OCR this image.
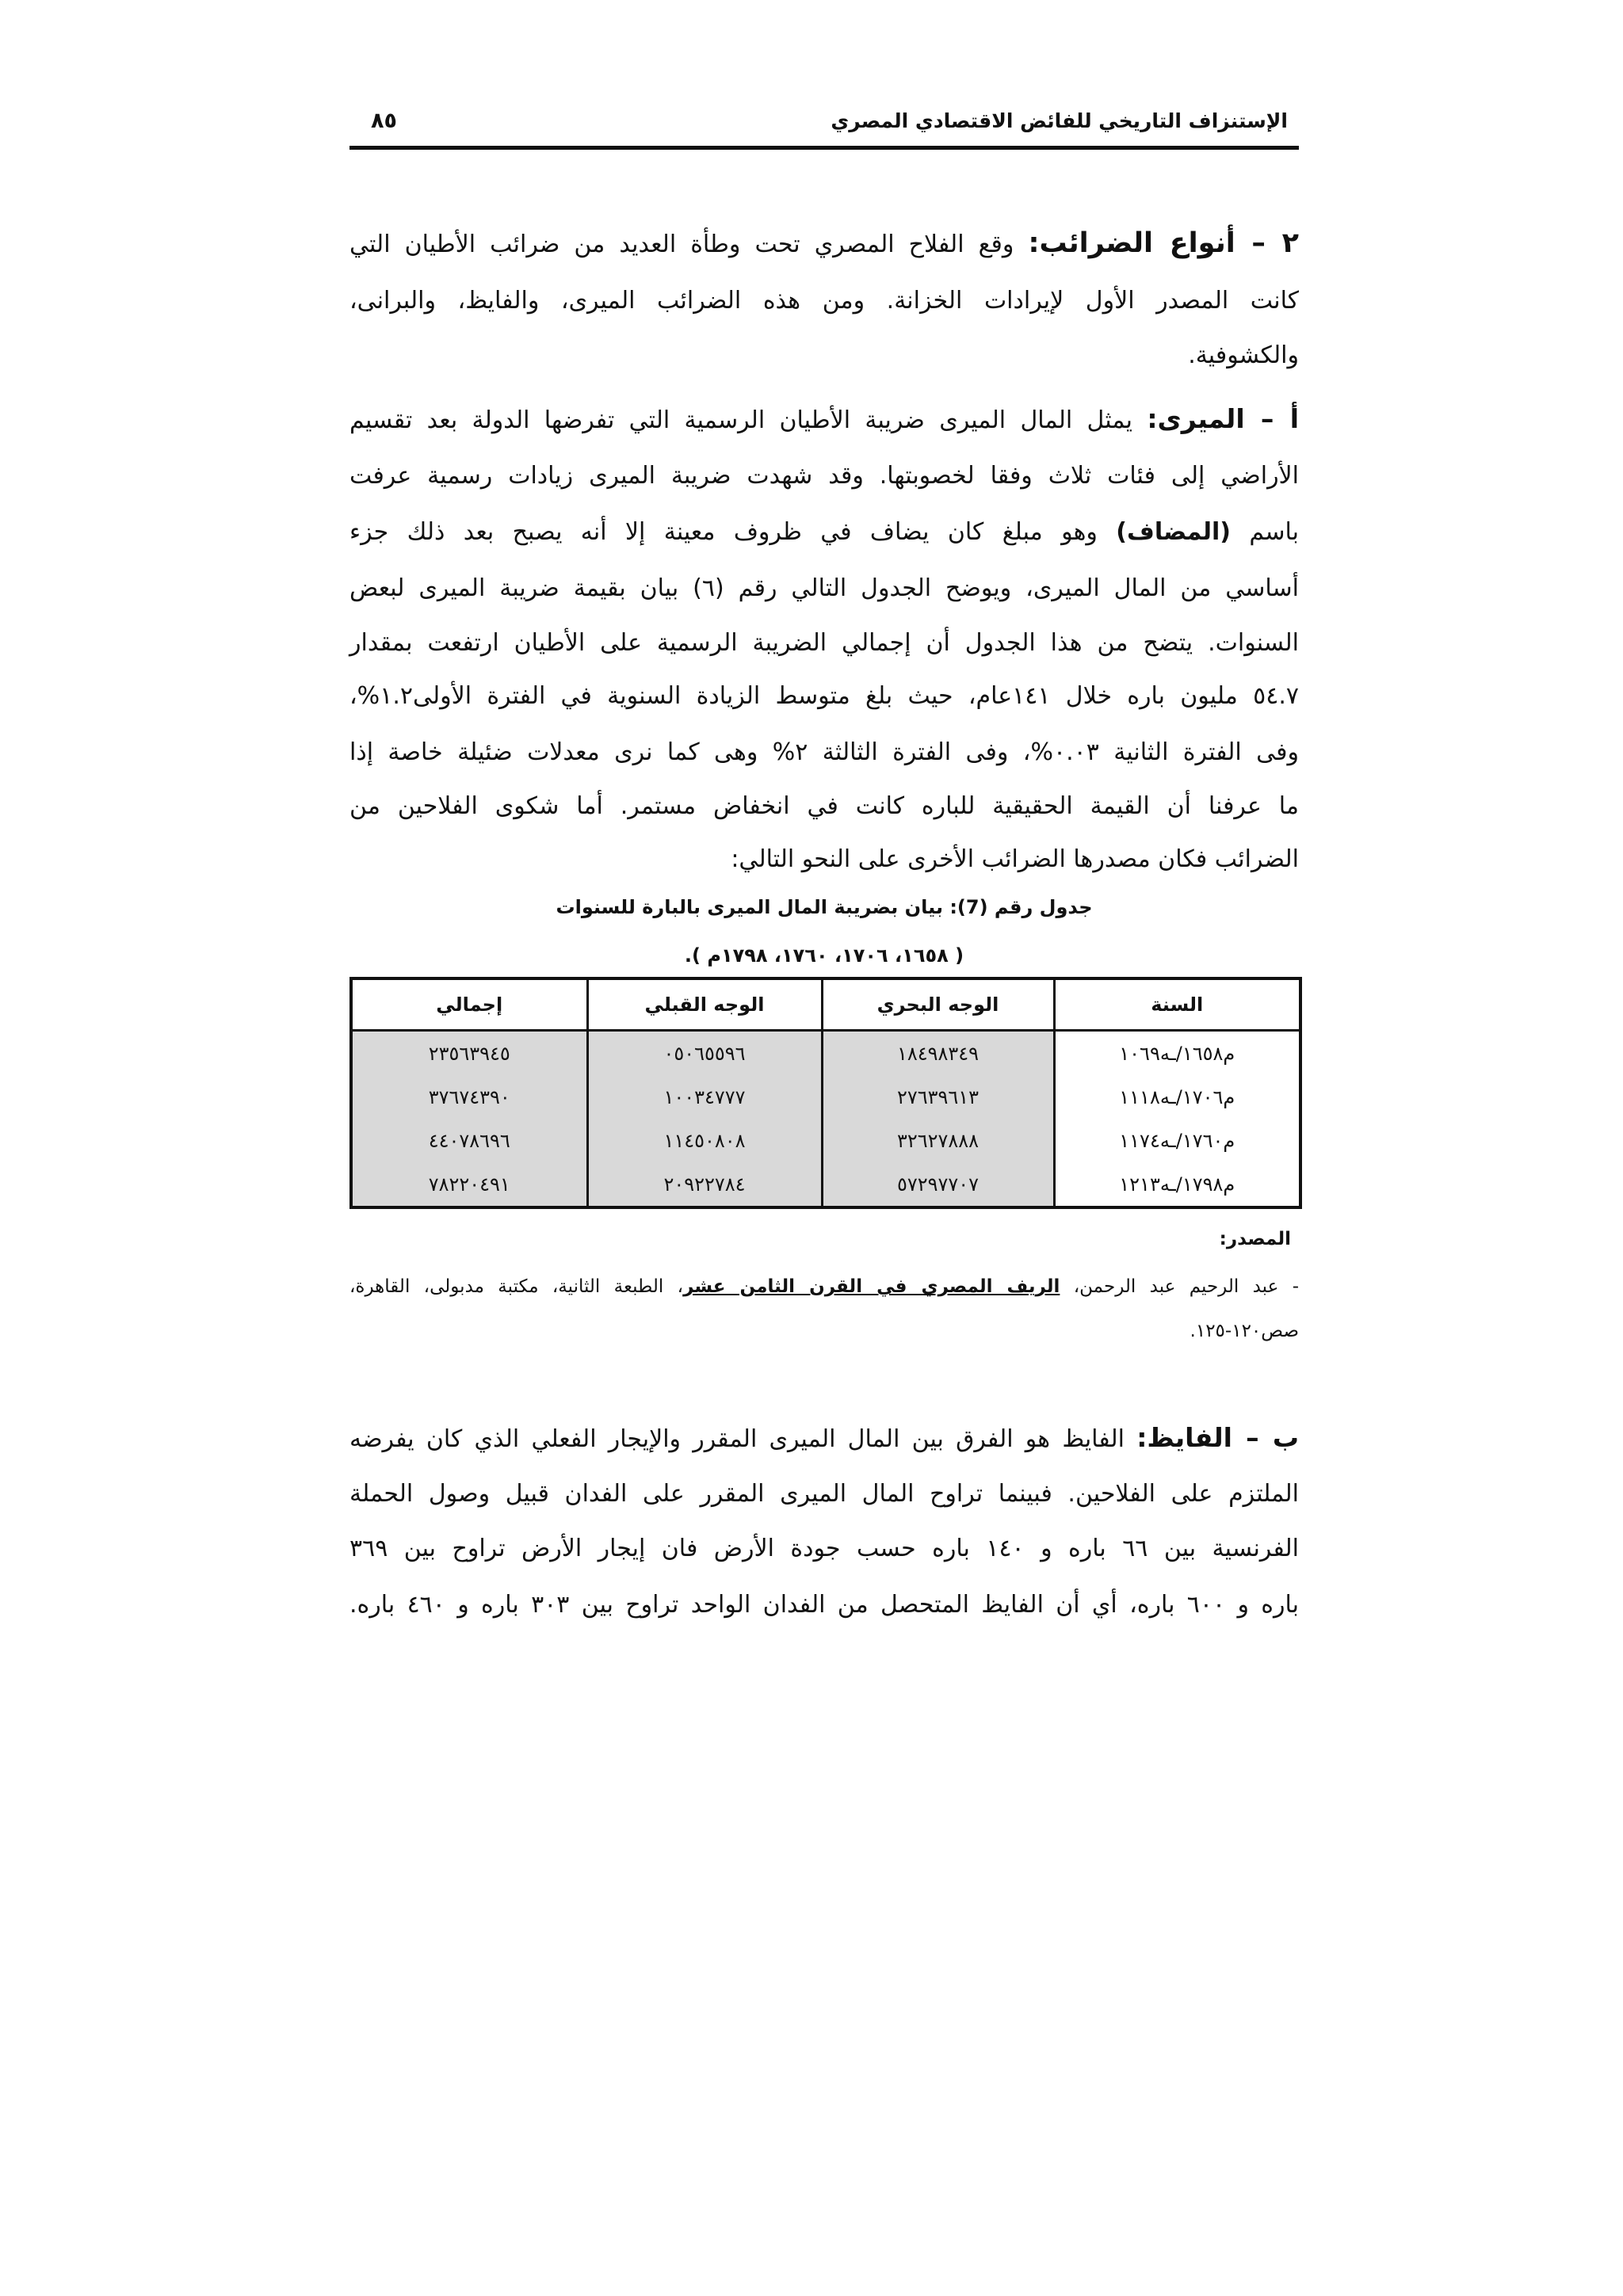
الإستنزاف التاريخي للفائض الاقتصادي المصري
٨٥
٢ – أنواع الضرائب: وقع الفلاح المصري تحت وطأة العديد من ضرائب الأطيان التي
كانت المصدر الأول لإيرادات الخزانة. ومن هذه الضرائب الميرى، والفايظ، والبرانى،
والكشوفية.
أ – الميرى: يمثل المال الميرى ضريبة الأطيان الرسمية التي تفرضها الدولة بعد تقسيم
الأراضي إلى فئات ثلاث وفقا لخصوبتها. وقد شهدت ضريبة الميرى زيادات رسمية عرفت
باسم (المضاف) وهو مبلغ كان يضاف في ظروف معينة إلا أنه يصبح بعد ذلك جزء
أساسي من المال الميرى، ويوضح الجدول التالي رقم (٦) بيان بقيمة ضريبة الميرى لبعض
السنوات. يتضح من هذا الجدول أن إجمالي الضريبة الرسمية على الأطيان ارتفعت بمقدار
٥٤.٧ مليون باره خلال ١٤١عام، حيث بلغ متوسط الزيادة السنوية في الفترة الأولى١.٢%،
وفى الفترة الثانية ٠.٠٣%، وفى الفترة الثالثة ٢% وهى كما نرى معدلات ضئيلة خاصة إذا
ما عرفنا أن القيمة الحقيقية للباره كانت في انخفاض مستمر. أما شكوى الفلاحين من
الضرائب فكان مصدرها الضرائب الأخرى على النحو التالي:
جدول رقم (7): بيان بضريبة المال الميرى بالبارة للسنوات
( ١٦٥٨، ١٧٠٦، ١٧٦٠، ١٧٩٨م ).
السنة	الوجه البحري	الوجه القبلي	إجمالي
١٠٦٩هـ/١٦٥٨م	١٨٤٩٨٣٤٩	٠٥٠٦٥٥٩٦	٢٣٥٦٣٩٤٥
١١١٨هـ/١٧٠٦م	٢٧٦٣٩٦١٣	١٠٠٣٤٧٧٧	٣٧٦٧٤٣٩٠
١١٧٤هـ/١٧٦٠م	٣٢٦٢٧٨٨٨	١١٤٥٠٨٠٨	٤٤٠٧٨٦٩٦
١٢١٣هـ/١٧٩٨م	٥٧٢٩٧٧٠٧	٢٠٩٢٢٧٨٤	٧٨٢٢٠٤٩١
المصدر:
- عبد الرحيم عبد الرحمن، الريف المصري في القرن الثامن عشر، الطبعة الثانية، مكتبة مدبولى، القاهرة،
صص١٢٠-١٢٥.
ب – الفايظ: الفايظ هو الفرق بين المال الميرى المقرر والإيجار الفعلي الذي كان يفرضه
الملتزم على الفلاحين. فبينما تراوح المال الميرى المقرر على الفدان قبيل وصول الحملة
الفرنسية بين ٦٦ باره و ١٤٠ باره حسب جودة الأرض فان إيجار الأرض تراوح بين ٣٦٩
باره و ٦٠٠ باره، أي أن الفايظ المتحصل من الفدان الواحد تراوح بين ٣٠٣ باره و ٤٦٠ باره.
